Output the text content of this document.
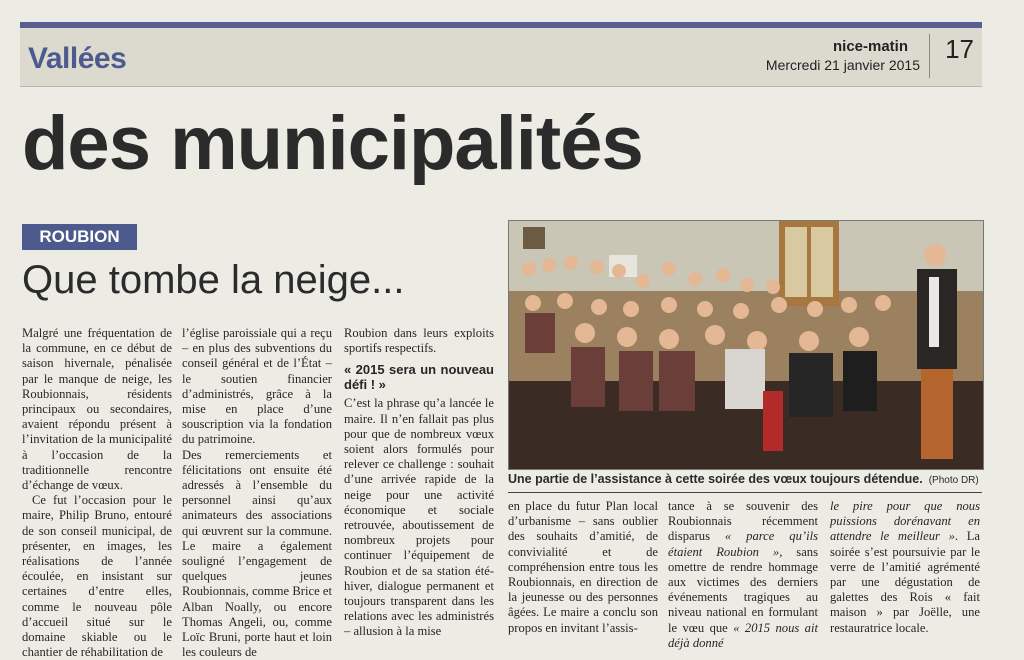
Vallées	nice-matin
Mercredi 21 janvier 2015
17
des municipalités
ROUBION
Que tombe la neige...

Malgré une fréquentation de la commune, en ce début de saison hivernale, pénalisée par le manque de neige, les Roubionnais, résidents principaux ou secondaires, avaient répondu présent à l’invitation de la municipalité à l’occasion de la traditionnelle rencontre d’échange de vœux.

Ce fut l’occasion pour le maire, Philip Bruno, entouré de son conseil municipal, de présenter, en images, les réalisations de l’année écoulée, en insistant sur certaines d’entre elles, comme le nouveau pôle d’accueil situé sur le domaine skiable ou le chantier de réhabilitation de

l’église paroissiale qui a reçu – en plus des subventions du conseil général et de l’État – le soutien financier d’administrés, grâce à la mise en place d’une souscription via la fondation du patrimoine.

Des remerciements et félicitations ont ensuite été adressés à l’ensemble du personnel ainsi qu’aux animateurs des associations qui œuvrent sur la commune. Le maire a également souligné l’engagement de quelques jeunes Roubionnais, comme Brice et Alban Noally, ou encore Thomas Angeli, ou, comme Loïc Bruni, porte haut et loin les couleurs de

Roubion dans leurs exploits sportifs respectifs.

« 2015 sera un nouveau défi ! »

C’est la phrase qu’a lancée le maire. Il n’en fallait pas plus pour que de nombreux vœux soient alors formulés pour relever ce challenge : souhait d’une arrivée rapide de la neige pour une activité économique et sociale retrouvée, aboutissement de nombreux projets pour continuer l’équipement de Roubion et de sa station été-hiver, dialogue permanent et toujours transparent dans les relations avec les administrés – allusion à la mise

Une partie de l’assistance à cette soirée des vœux toujours détendue. (Photo DR)

en place du futur Plan local d’urbanisme – sans oublier des souhaits d’amitié, de convivialité et de compréhension entre tous les Roubionnais, en direction de la jeunesse ou des personnes âgées. Le maire a conclu son propos en invitant l’assis-

tance à se souvenir des Roubionnais récemment disparus « parce qu’ils étaient Roubion », sans omettre de rendre hommage aux victimes des derniers événements tragiques au niveau national en formulant le vœu que « 2015 nous ait déjà donné

le pire pour que nous puissions dorénavant en attendre le meilleur ». La soirée s’est poursuivie par le verre de l’amitié agrémenté par une dégustation de galettes des Rois « fait maison » par Joëlle, une restauratrice locale.
